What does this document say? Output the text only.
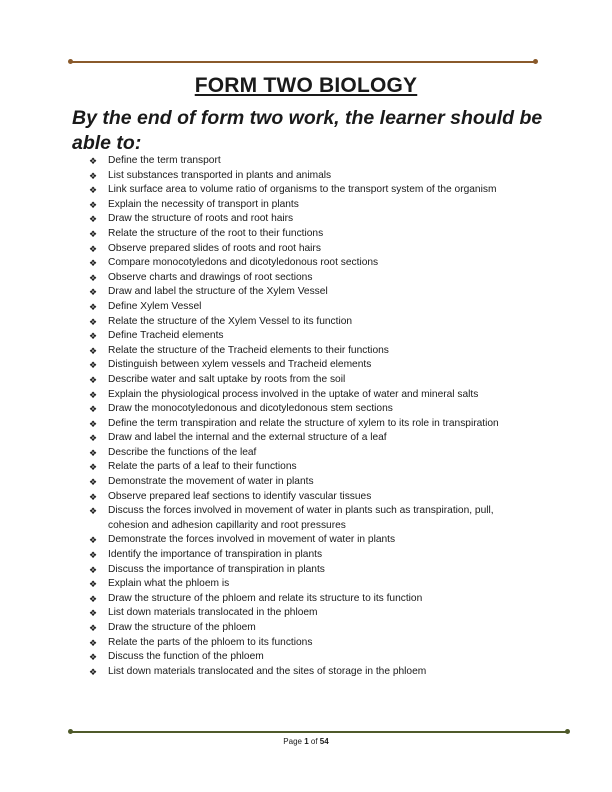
FORM TWO BIOLOGY
By the end of form two work, the learner should be able to:
❖ Define the term transport
❖ List substances transported in plants and animals
❖ Link surface area to volume ratio of organisms to the transport system of the organism
❖ Explain the necessity of transport in plants
❖ Draw the structure of roots and root hairs
❖ Relate the structure of the root to their functions
❖ Observe prepared slides of roots and root hairs
❖ Compare monocotyledons and dicotyledonous root sections
❖ Observe charts and drawings of root sections
❖ Draw and label the structure of the Xylem Vessel
❖ Define Xylem Vessel
❖ Relate the structure of the Xylem Vessel to its function
❖ Define Tracheid elements
❖ Relate the structure of the Tracheid elements to their functions
❖ Distinguish between xylem vessels and Tracheid elements
❖ Describe water and salt uptake by roots from the soil
❖ Explain the physiological process involved in the uptake of water and mineral salts
❖ Draw the monocotyledonous and dicotyledonous stem sections
❖ Define the term transpiration and relate the structure of xylem to its role in transpiration
❖ Draw and label the internal and the external structure of a leaf
❖ Describe the functions of the leaf
❖ Relate the parts of a leaf to their functions
❖ Demonstrate the movement of water in plants
❖ Observe prepared leaf sections to identify vascular tissues
❖ Discuss the forces involved in movement of water in plants such as transpiration, pull, cohesion and adhesion capillarity and root pressures
❖ Demonstrate the forces involved in movement of water in plants
❖ Identify the importance of transpiration in plants
❖ Discuss the importance of transpiration in plants
❖ Explain what the phloem is
❖ Draw the structure of the phloem and relate its structure to its function
❖ List down materials translocated in the phloem
❖ Draw the structure of the phloem
❖ Relate the parts of the phloem to its functions
❖ Discuss the function of the phloem
❖ List down materials translocated and the sites of storage in the phloem
Page 1 of 54
